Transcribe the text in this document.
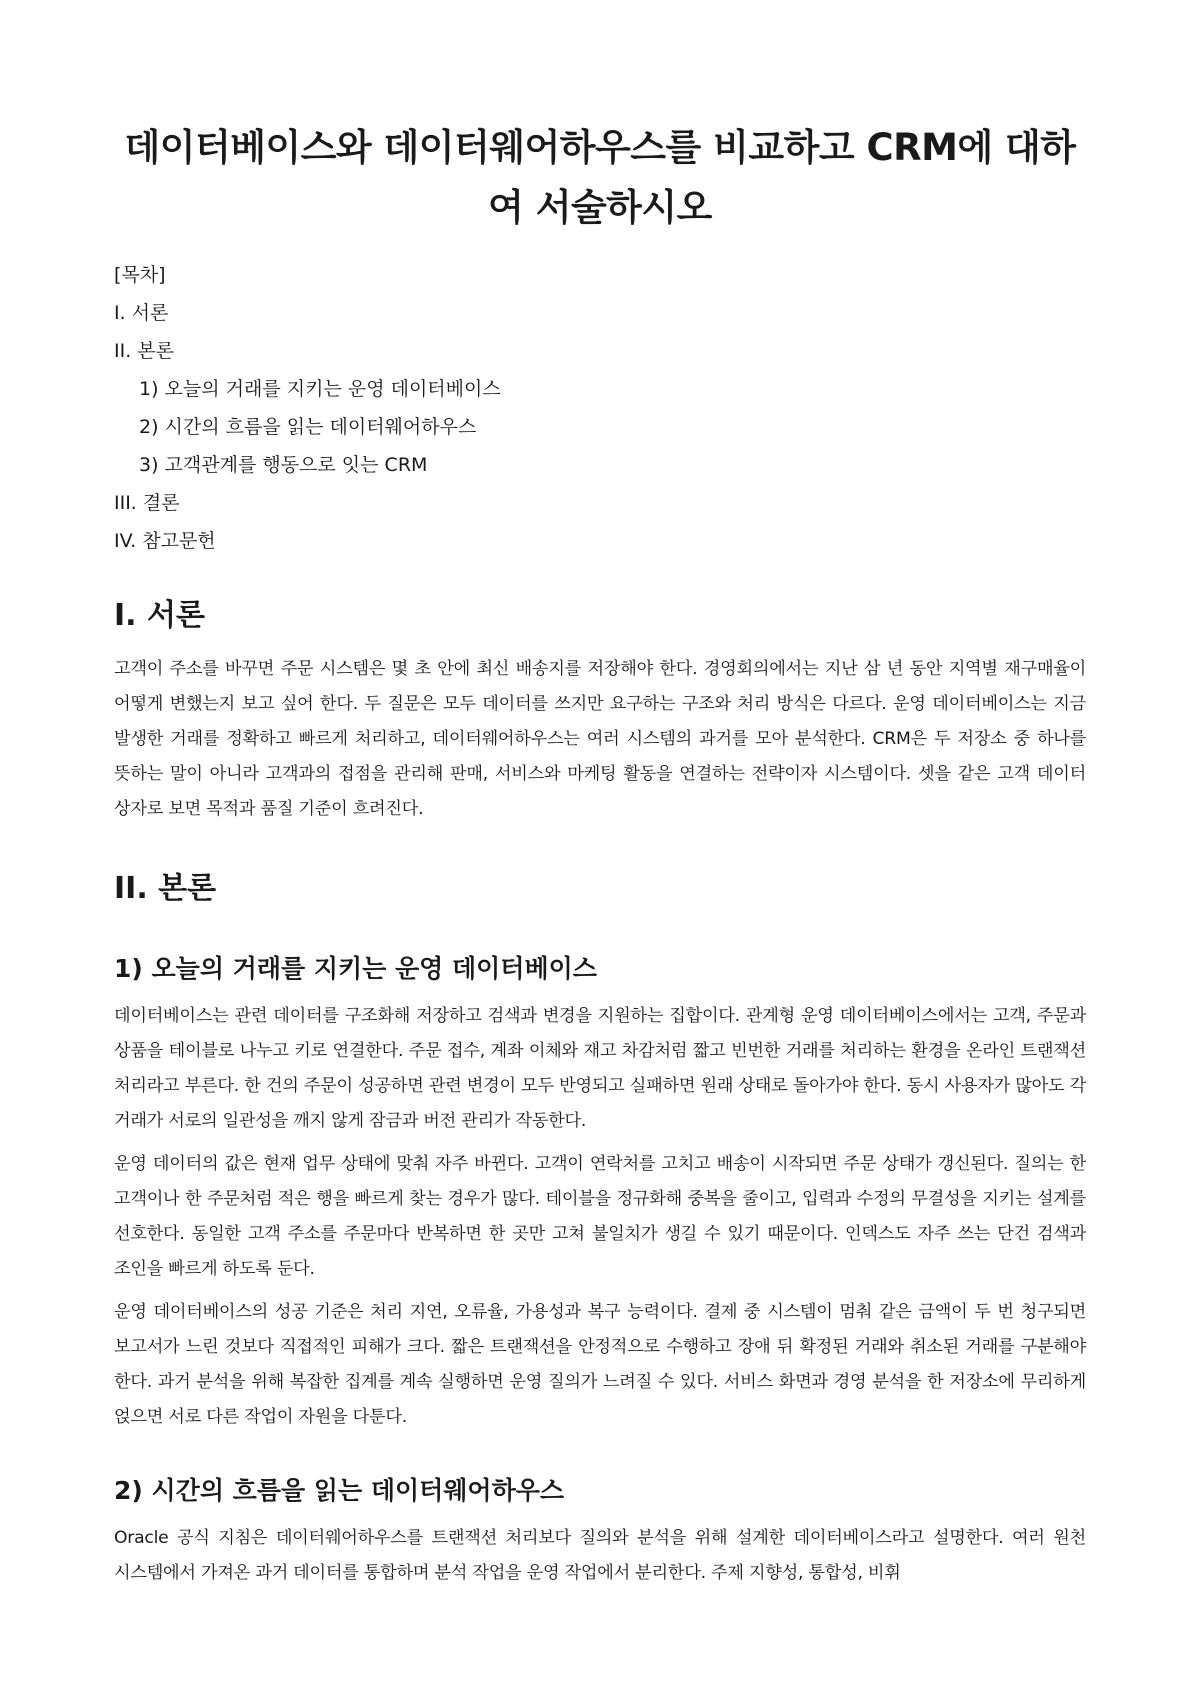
데이터베이스와 데이터웨어하우스를 비교하고 CRM에 대하여 서술하시오
[목차]
I. 서론
II. 본론
1) 오늘의 거래를 지키는 운영 데이터베이스
2) 시간의 흐름을 읽는 데이터웨어하우스
3) 고객관계를 행동으로 잇는 CRM
III. 결론
IV. 참고문헌
I. 서론

고객이 주소를 바꾸면 주문 시스템은 몇 초 안에 최신 배송지를 저장해야 한다. 경영회의에서는 지난 삼 년 동안 지역별 재구매율이 어떻게 변했는지 보고 싶어 한다. 두 질문은 모두 데이터를 쓰지만 요구하는 구조와 처리 방식은 다르다. 운영 데이터베이스는 지금 발생한 거래를 정확하고 빠르게 처리하고, 데이터웨어하우스는 여러 시스템의 과거를 모아 분석한다. CRM은 두 저장소 중 하나를 뜻하는 말이 아니라 고객과의 접점을 관리해 판매, 서비스와 마케팅 활동을 연결하는 전략이자 시스템이다. 셋을 같은 고객 데이터 상자로 보면 목적과 품질 기준이 흐려진다.

II. 본론
1) 오늘의 거래를 지키는 운영 데이터베이스

데이터베이스는 관련 데이터를 구조화해 저장하고 검색과 변경을 지원하는 집합이다. 관계형 운영 데이터베이스에서는 고객, 주문과 상품을 테이블로 나누고 키로 연결한다. 주문 접수, 계좌 이체와 재고 차감처럼 짧고 빈번한 거래를 처리하는 환경을 온라인 트랜잭션 처리라고 부른다. 한 건의 주문이 성공하면 관련 변경이 모두 반영되고 실패하면 원래 상태로 돌아가야 한다. 동시 사용자가 많아도 각 거래가 서로의 일관성을 깨지 않게 잠금과 버전 관리가 작동한다.

운영 데이터의 값은 현재 업무 상태에 맞춰 자주 바뀐다. 고객이 연락처를 고치고 배송이 시작되면 주문 상태가 갱신된다. 질의는 한 고객이나 한 주문처럼 적은 행을 빠르게 찾는 경우가 많다. 테이블을 정규화해 중복을 줄이고, 입력과 수정의 무결성을 지키는 설계를 선호한다. 동일한 고객 주소를 주문마다 반복하면 한 곳만 고쳐 불일치가 생길 수 있기 때문이다. 인덱스도 자주 쓰는 단건 검색과 조인을 빠르게 하도록 둔다.

운영 데이터베이스의 성공 기준은 처리 지연, 오류율, 가용성과 복구 능력이다. 결제 중 시스템이 멈춰 같은 금액이 두 번 청구되면 보고서가 느린 것보다 직접적인 피해가 크다. 짧은 트랜잭션을 안정적으로 수행하고 장애 뒤 확정된 거래와 취소된 거래를 구분해야 한다. 과거 분석을 위해 복잡한 집계를 계속 실행하면 운영 질의가 느려질 수 있다. 서비스 화면과 경영 분석을 한 저장소에 무리하게 얹으면 서로 다른 작업이 자원을 다툰다.

2) 시간의 흐름을 읽는 데이터웨어하우스

Oracle 공식 지침은 데이터웨어하우스를 트랜잭션 처리보다 질의와 분석을 위해 설계한 데이터베이스라고 설명한다. 여러 원천 시스템에서 가져온 과거 데이터를 통합하며 분석 작업을 운영 작업에서 분리한다. 주제 지향성, 통합성, 비휘
